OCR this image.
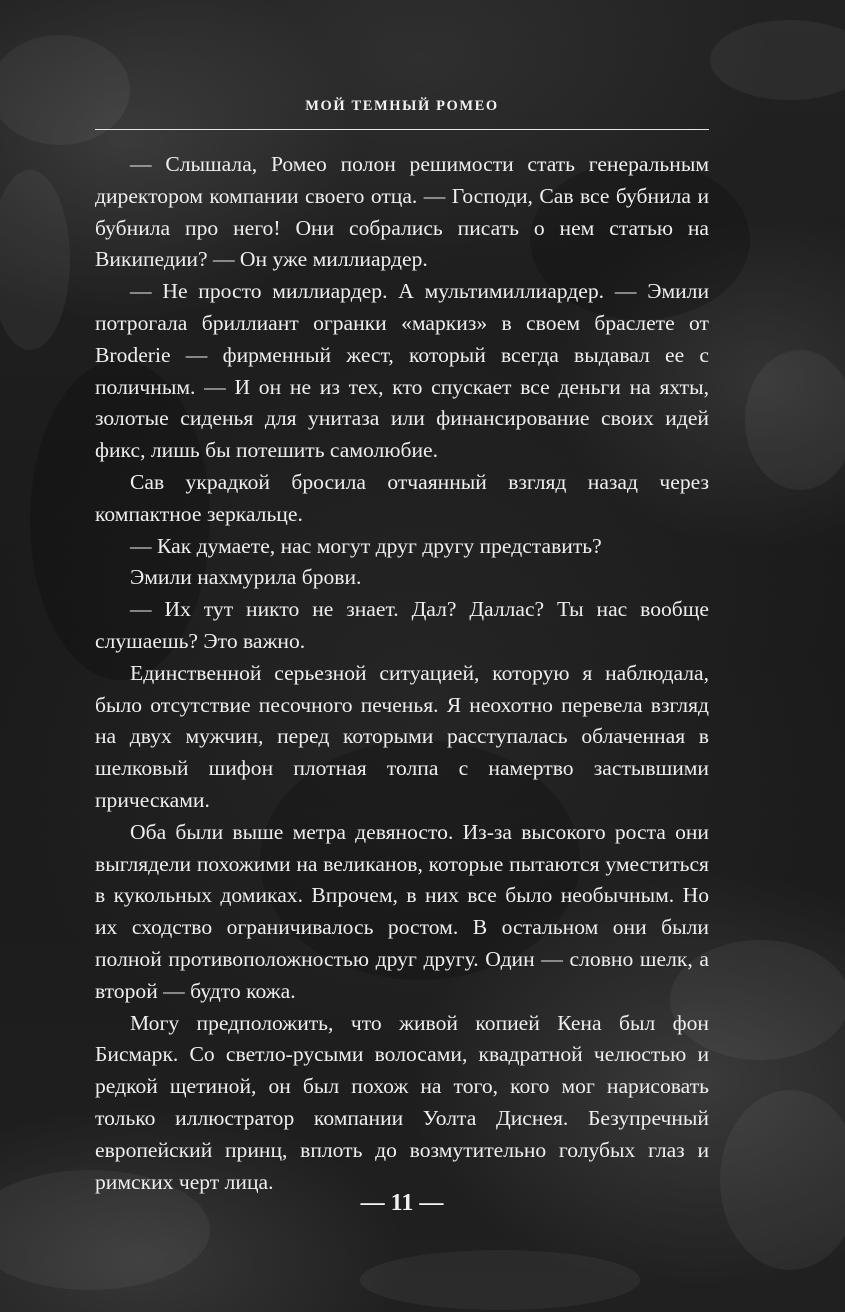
МОЙ ТЕМНЫЙ РОМЕО

— Слышала, Ромео полон решимости стать генеральным директором компании своего отца. — Господи, Сав все бубнила и бубнила про него! Они собрались писать о нем статью на Википедии? — Он уже миллиардер.

— Не просто миллиардер. А мультимиллиардер. — Эмили потрогала бриллиант огранки «маркиз» в своем браслете от Broderie — фирменный жест, который всегда выдавал ее с поличным. — И он не из тех, кто спускает все деньги на яхты, золотые сиденья для унитаза или финансирование своих идей фикс, лишь бы потешить самолюбие.

Сав украдкой бросила отчаянный взгляд назад через компактное зеркальце.

— Как думаете, нас могут друг другу представить?

Эмили нахмурила брови.

— Их тут никто не знает. Дал? Даллас? Ты нас вообще слушаешь? Это важно.

Единственной серьезной ситуацией, которую я наблюдала, было отсутствие песочного печенья. Я неохотно перевела взгляд на двух мужчин, перед которыми расступалась облаченная в шелковый шифон плотная толпа с намертво застывшими прическами.

Оба были выше метра девяносто. Из-за высокого роста они выглядели похожими на великанов, которые пытаются уместиться в кукольных домиках. Впрочем, в них все было необычным. Но их сходство ограничивалось ростом. В остальном они были полной противоположностью друг другу. Один — словно шелк, а второй — будто кожа.

Могу предположить, что живой копией Кена был фон Бисмарк. Со светло-русыми волосами, квадратной челюстью и редкой щетиной, он был похож на того, кого мог нарисовать только иллюстратор компании Уолта Диснея. Безупречный европейский принц, вплоть до возмутительно голубых глаз и римских черт лица.

— 11 —
